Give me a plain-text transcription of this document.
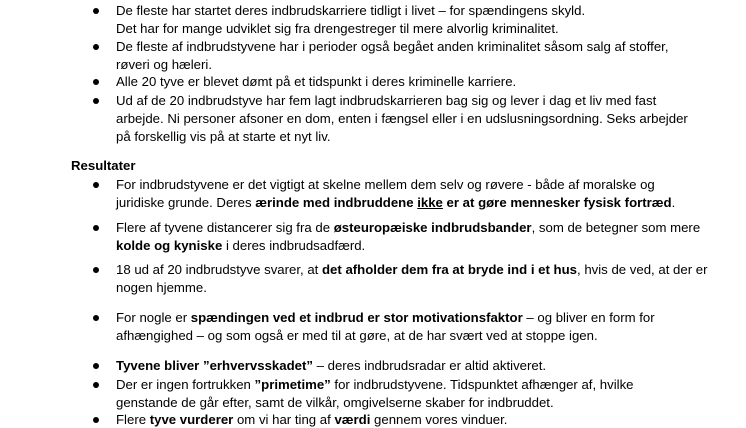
De fleste har startet deres indbrudskarriere tidligt i livet – for spændingens skyld.
Det har for mange udviklet sig fra drengestreger til mere alvorlig kriminalitet.
De fleste af indbrudstyvene har i perioder også begået anden kriminalitet såsom salg af stoffer,
røveri og hæleri.
Alle 20 tyve er blevet dømt på et tidspunkt i deres kriminelle karriere.
Ud af de 20 indbrudstyve har fem lagt indbrudskarrieren bag sig og lever i dag et liv med fast
arbejde. Ni personer afsoner en dom, enten i fængsel eller i en udslusningsordning. Seks arbejder
på forskellig vis på at starte et nyt liv.
Resultater
For indbrudstyvene er det vigtigt at skelne mellem dem selv og røvere - både af moralske og
juridiske grunde. Deres ærinde med indbruddene ikke er at gøre mennesker fysisk fortræd.
Flere af tyvene distancerer sig fra de østeuropæiske indbrudsbander, som de betegner som mere
kolde og kyniske i deres indbrudsadfærd.
18 ud af 20 indbrudstyve svarer, at det afholder dem fra at bryde ind i et hus, hvis de ved, at der er
nogen hjemme.
For nogle er spændingen ved et indbrud er stor motivationsfaktor – og bliver en form for
afhængighed – og som også er med til at gøre, at de har svært ved at stoppe igen.
Tyvene bliver ”erhvervsskadet” – deres indbrudsradar er altid aktiveret.
Der er ingen fortrukken ”primetime” for indbrudstyvene. Tidspunktet afhænger af, hvilke
genstande de går efter, samt de vilkår, omgivelserne skaber for indbruddet.
Flere tyve vurderer om vi har ting af værdi gennem vores vinduer.
